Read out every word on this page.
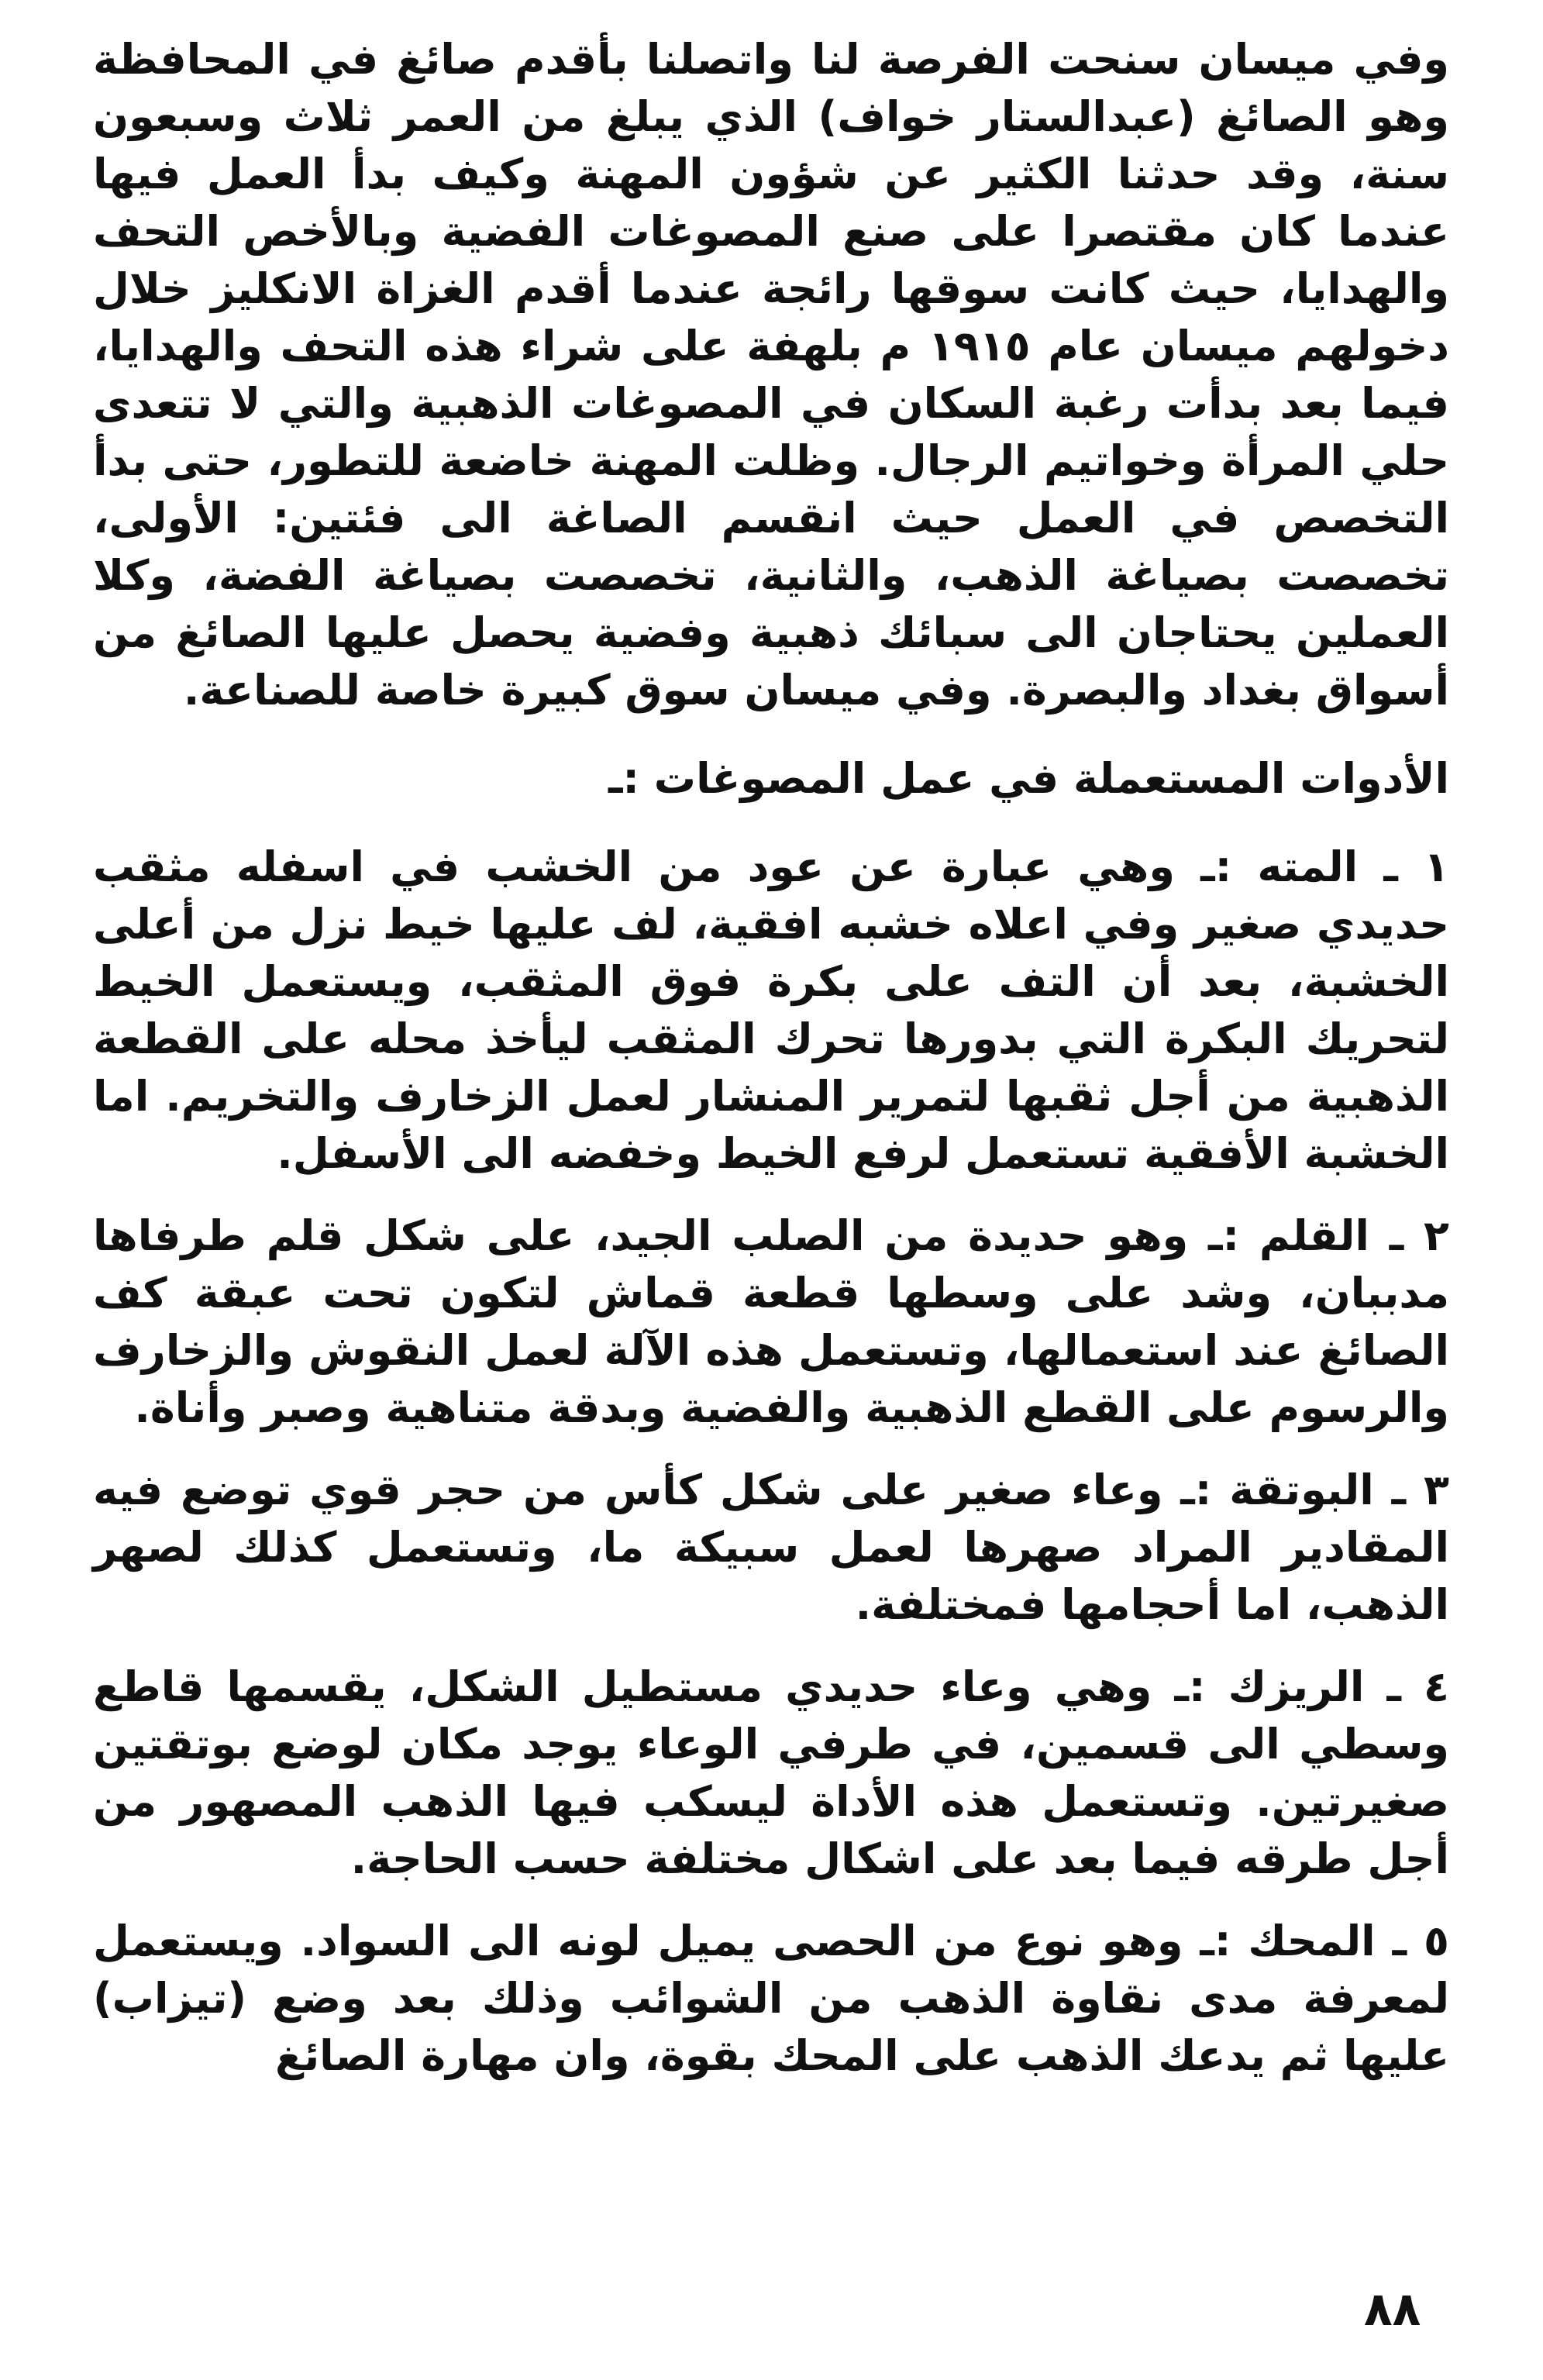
وفي ميسان سنحت الفرصة لنا واتصلنا بأقدم صائغ في المحافظة وهو الصائغ (عبدالستار خواف) الذي يبلغ من العمر ثلاث وسبعون سنة، وقد حدثنا الكثير عن شؤون المهنة وكيف بدأ العمل فيها عندما كان مقتصرا على صنع المصوغات الفضية وبالأخص التحف والهدايا، حيث كانت سوقها رائجة عندما أقدم الغزاة الانكليز خلال دخولهم ميسان عام ١٩١٥ م بلهفة على شراء هذه التحف والهدايا، فيما بعد بدأت رغبة السكان في المصوغات الذهبية والتي لا تتعدى حلي المرأة وخواتيم الرجال. وظلت المهنة خاضعة للتطور، حتى بدأ التخصص في العمل حيث انقسم الصاغة الى فئتين: الأولى، تخصصت بصياغة الذهب، والثانية، تخصصت بصياغة الفضة، وكلا العملين يحتاجان الى سبائك ذهبية وفضية يحصل عليها الصائغ من أسواق بغداد والبصرة. وفي ميسان سوق كبيرة خاصة للصناعة.

الأدوات المستعملة في عمل المصوغات :ـ

١ ـ المته :ـ وهي عبارة عن عود من الخشب في اسفله مثقب حديدي صغير وفي اعلاه خشبه افقية، لف عليها خيط نزل من أعلى الخشبة، بعد أن التف على بكرة فوق المثقب، ويستعمل الخيط لتحريك البكرة التي بدورها تحرك المثقب ليأخذ محله على القطعة الذهبية من أجل ثقبها لتمرير المنشار لعمل الزخارف والتخريم. اما الخشبة الأفقية تستعمل لرفع الخيط وخفضه الى الأسفل.

٢ ـ القلم :ـ وهو حديدة من الصلب الجيد، على شكل قلم طرفاها مدببان، وشد على وسطها قطعة قماش لتكون تحت عبقة كف الصائغ عند استعمالها، وتستعمل هذه الآلة لعمل النقوش والزخارف والرسوم على القطع الذهبية والفضية وبدقة متناهية وصبر وأناة.

٣ ـ البوتقة :ـ وعاء صغير على شكل كأس من حجر قوي توضع فيه المقادير المراد صهرها لعمل سبيكة ما، وتستعمل كذلك لصهر الذهب، اما أحجامها فمختلفة.

٤ ـ الريزك :ـ وهي وعاء حديدي مستطيل الشكل، يقسمها قاطع وسطي الى قسمين، في طرفي الوعاء يوجد مكان لوضع بوتقتين صغيرتين. وتستعمل هذه الأداة ليسكب فيها الذهب المصهور من أجل طرقه فيما بعد على اشكال مختلفة حسب الحاجة.

٥ ـ المحك :ـ وهو نوع من الحصى يميل لونه الى السواد. ويستعمل لمعرفة مدى نقاوة الذهب من الشوائب وذلك بعد وضع (تيزاب) عليها ثم يدعك الذهب على المحك بقوة، وان مهارة الصائغ

٨٨
